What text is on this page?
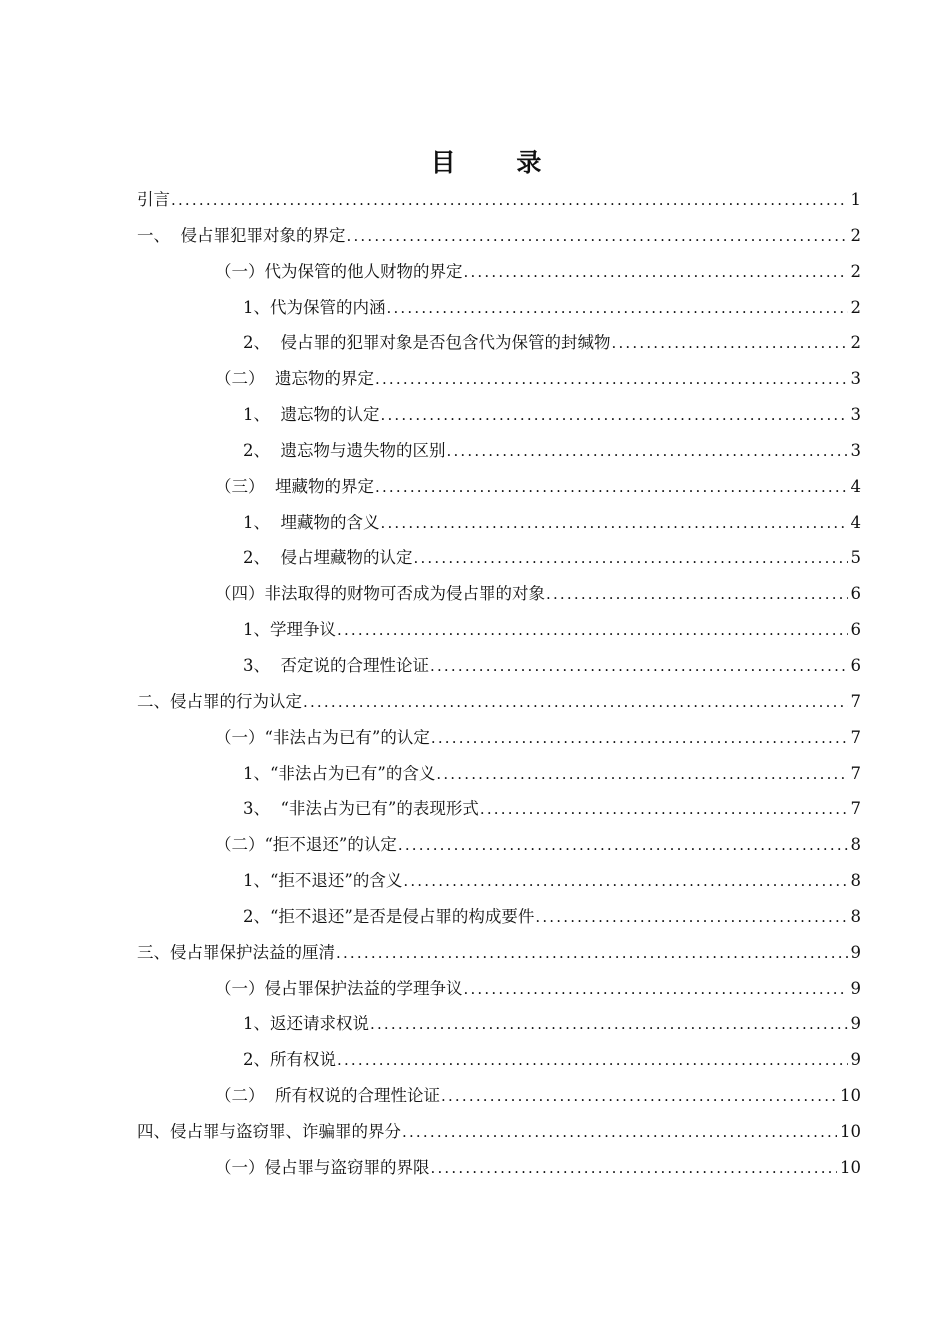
目 录
引言 .....	1
一、  侵占罪犯罪对象的界定 .....	2
（一）代为保管的他人财物的界定 .....	2
1、代为保管的内涵 .....	2
2、  侵占罪的犯罪对象是否包含代为保管的封缄物 .....	2
（二）  遗忘物的界定 .....	3
1、  遗忘物的认定 .....	3
2、  遗忘物与遗失物的区别 .....	3
（三）  埋藏物的界定 .....	4
1、  埋藏物的含义 .....	4
2、  侵占埋藏物的认定 .....	5
（四）非法取得的财物可否成为侵占罪的对象 .....	6
1、学理争议 .....	6
3、  否定说的合理性论证 .....	6
二、侵占罪的行为认定 .....	7
（一）“非法占为已有”的认定 .....	7
1、“非法占为已有”的含义 .....	7
3、  “非法占为已有”的表现形式 .....	7
（二）“拒不退还”的认定 .....	8
1、“拒不退还”的含义 .....	8
2、“拒不退还”是否是侵占罪的构成要件 .....	8
三、侵占罪保护法益的厘清 .....	9
（一）侵占罪保护法益的学理争议 .....	9
1、返还请求权说 .....	9
2、所有权说 .....	9
（二）  所有权说的合理性论证 .....	10
四、侵占罪与盗窃罪、诈骗罪的界分 .....	10
（一）侵占罪与盗窃罪的界限 .....	10
